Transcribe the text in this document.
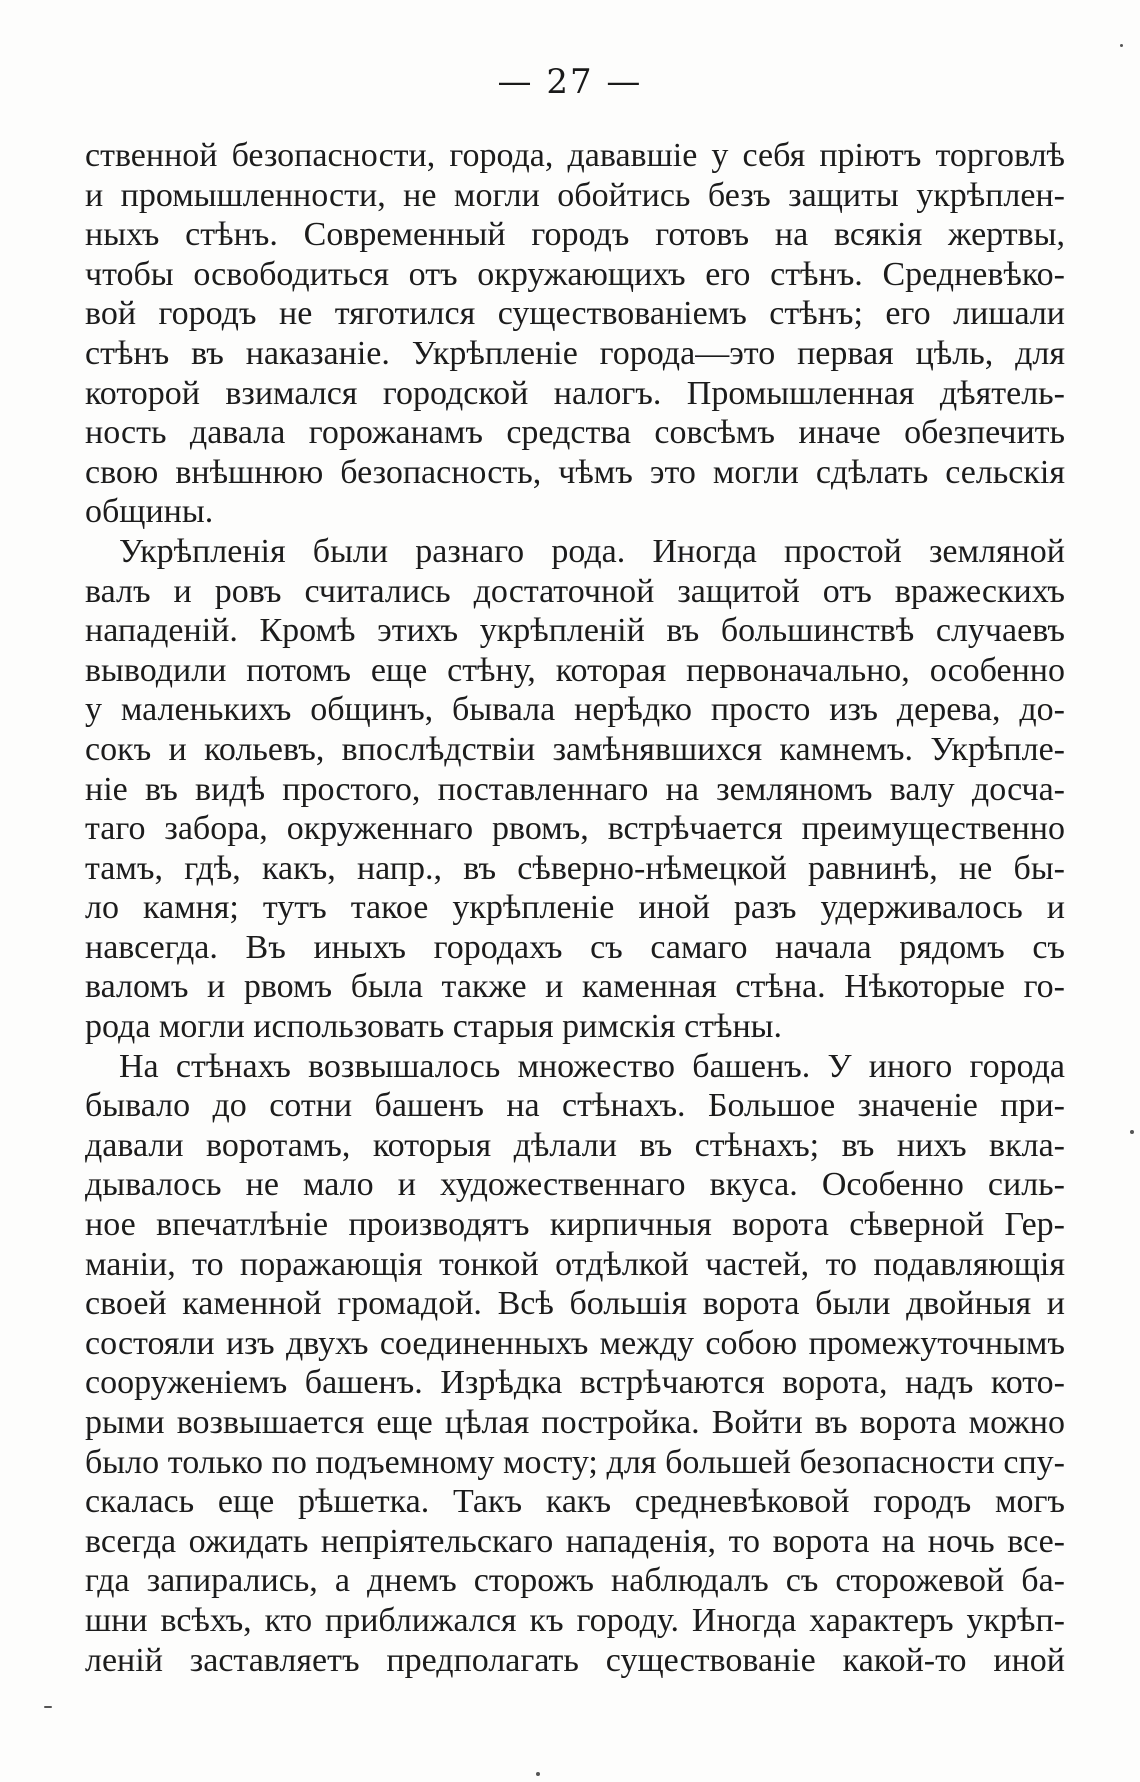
— 27 —
ственной безопасности, города, дававшіе у себя пріютъ торговлѣ
и промышленности, не могли обойтись безъ защиты укрѣплен-
ныхъ стѣнъ. Современный городъ готовъ на всякія жертвы,
чтобы освободиться отъ окружающихъ его стѣнъ. Средневѣко-
вой городъ не тяготился существованіемъ стѣнъ; его лишали
стѣнъ въ наказаніе. Укрѣпленіе города—это первая цѣль, для
которой взимался городской налогъ. Промышленная дѣятель-
ность давала горожанамъ средства совсѣмъ иначе обезпечить
свою внѣшнюю безопасность, чѣмъ это могли сдѣлать сельскія
общины.
Укрѣпленія были разнаго рода. Иногда простой земляной
валъ и ровъ считались достаточной защитой отъ вражескихъ
нападеній. Кромѣ этихъ укрѣпленій въ большинствѣ случаевъ
выводили потомъ еще стѣну, которая первоначально, особенно
у маленькихъ общинъ, бывала нерѣдко просто изъ дерева, до-
сокъ и кольевъ, впослѣдствіи замѣнявшихся камнемъ. Укрѣпле-
ніе въ видѣ простого, поставленнаго на земляномъ валу досча-
таго забора, окруженнаго рвомъ, встрѣчается преимущественно
тамъ, гдѣ, какъ, напр., въ сѣверно-нѣмецкой равнинѣ, не бы-
ло камня; тутъ такое укрѣпленіе иной разъ удерживалось и
навсегда. Въ иныхъ городахъ съ самаго начала рядомъ съ
валомъ и рвомъ была также и каменная стѣна. Нѣкоторые го-
рода могли использовать старыя римскія стѣны.
На стѣнахъ возвышалось множество башенъ. У иного города
бывало до сотни башенъ на стѣнахъ. Большое значеніе при-
давали воротамъ, которыя дѣлали въ стѣнахъ; въ нихъ вкла-
дывалось не мало и художественнаго вкуса. Особенно силь-
ное впечатлѣніе производятъ кирпичныя ворота сѣверной Гер-
маніи, то поражающія тонкой отдѣлкой частей, то подавляющія
своей каменной громадой. Всѣ большія ворота были двойныя и
состояли изъ двухъ соединенныхъ между собою промежуточнымъ
сооруженіемъ башенъ. Изрѣдка встрѣчаются ворота, надъ кото-
рыми возвышается еще цѣлая постройка. Войти въ ворота можно
было только по подъемному мосту; для большей безопасности спу-
скалась еще рѣшетка. Такъ какъ средневѣковой городъ могъ
всегда ожидать непріятельскаго нападенія, то ворота на ночь все-
гда запирались, а днемъ сторожъ наблюдалъ съ сторожевой ба-
шни всѣхъ, кто приближался къ городу. Иногда характеръ укрѣп-
леній заставляетъ предполагать существованіе какой-то иной
